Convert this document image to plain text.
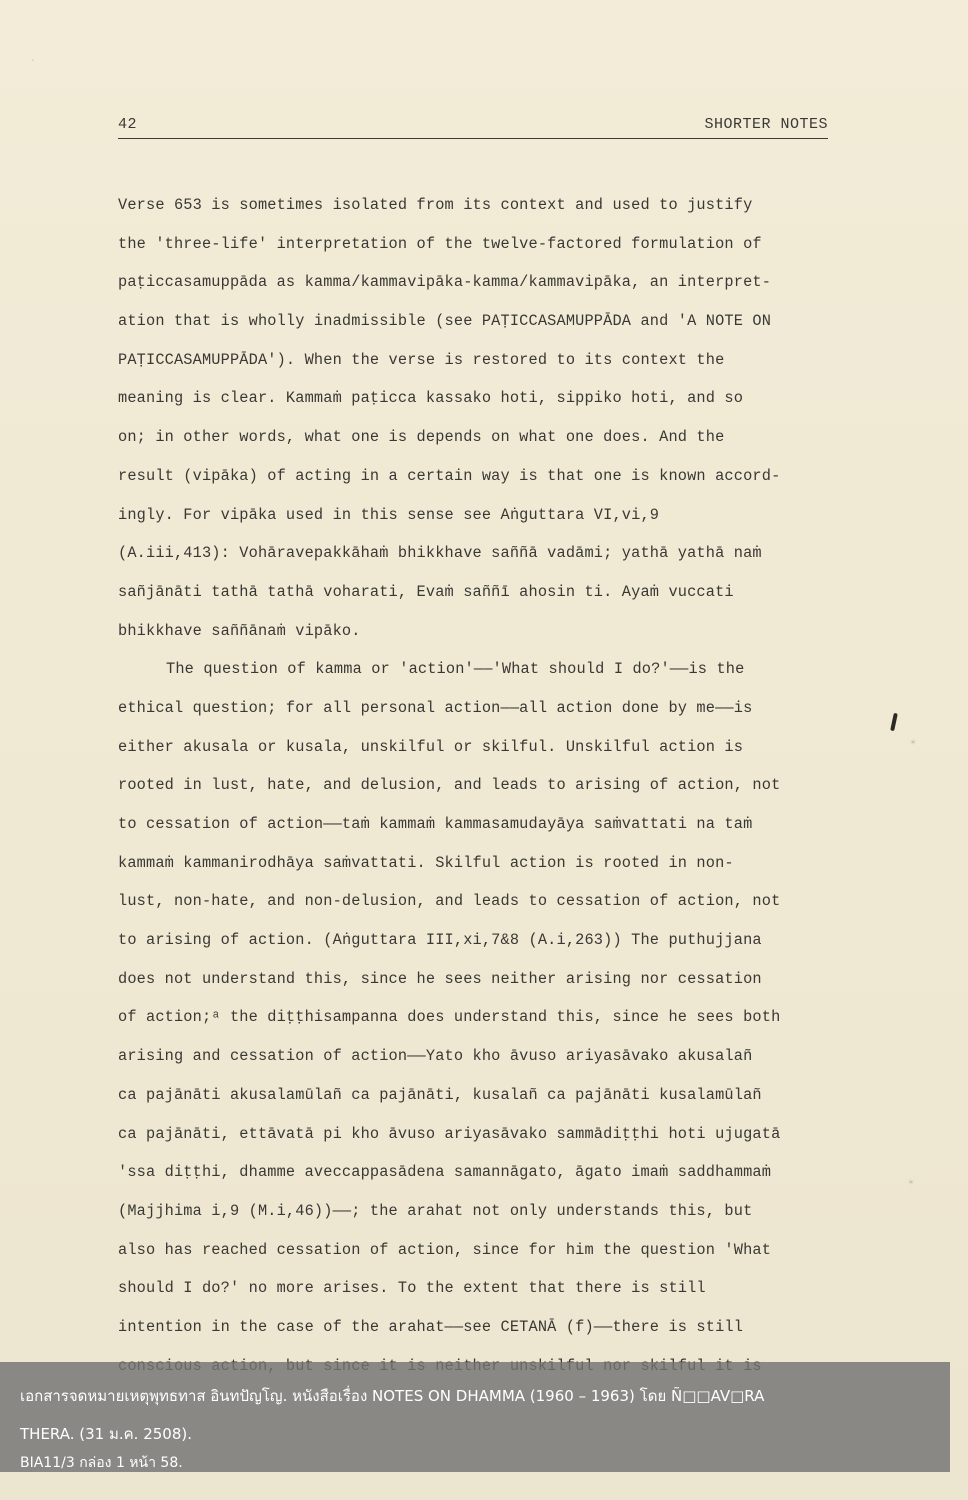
42	SHORTER NOTES
Verse 653 is sometimes isolated from its context and used to justify
the 'three-life' interpretation of the twelve-factored formulation of
paṭiccasamuppāda as kamma/kammavipāka-kamma/kammavipāka, an interpret-
ation that is wholly inadmissible (see PAṬICCASAMUPPĀDA and 'A NOTE ON
PAṬICCASAMUPPĀDA'). When the verse is restored to its context the
meaning is clear. Kammaṁ paṭicca kassako hoti, sippiko hoti, and so
on; in other words, what one is depends on what one does. And the
result (vipāka) of acting in a certain way is that one is known accord-
ingly. For vipāka used in this sense see Aṅguttara VI,vi,9
(A.iii,413): Vohāravepakkāhaṁ bhikkhave saññā vadāmi; yathā yathā naṁ
sañjānāti tathā tathā voharati, Evaṁ saññī ahosin ti. Ayaṁ vuccati
bhikkhave saññānaṁ vipāko.
The question of kamma or 'action'——'What should I do?'——is the
ethical question; for all personal action——all action done by me——is
either akusala or kusala, unskilful or skilful. Unskilful action is
rooted in lust, hate, and delusion, and leads to arising of action, not
to cessation of action——taṁ kammaṁ kammasamudayāya saṁvattati na taṁ
kammaṁ kammanirodhāya saṁvattati. Skilful action is rooted in non-
lust, non-hate, and non-delusion, and leads to cessation of action, not
to arising of action. (Aṅguttara III,xi,7&8 (A.i,263)) The puthujjana
does not understand this, since he sees neither arising nor cessation
of action;ᵃ the diṭṭhisampanna does understand this, since he sees both
arising and cessation of action——Yato kho āvuso ariyasāvako akusalañ
ca pajānāti akusalamūlañ ca pajānāti, kusalañ ca pajānāti kusalamūlañ
ca pajānāti, ettāvatā pi kho āvuso ariyasāvako sammādiṭṭhi hoti ujugatā
'ssa diṭṭhi, dhamme aveccappasādena samannāgato, āgato imaṁ saddhammaṁ
(Majjhima i,9 (M.i,46))——; the arahat not only understands this, but
also has reached cessation of action, since for him the question 'What
should I do?' no more arises. To the extent that there is still
intention in the case of the arahat——see CETANĀ (f)——there is still
✶
✶
·
เอกสารจดหมายเหตุพุทธทาส อินทปัญโญ. หนังสือเรื่อง NOTES ON DHAMMA (1960 – 1963) โดย Ñ□□AV□RA
THERA. (31 ม.ค. 2508).
BIA11/3 กล่อง 1 หน้า 58.
